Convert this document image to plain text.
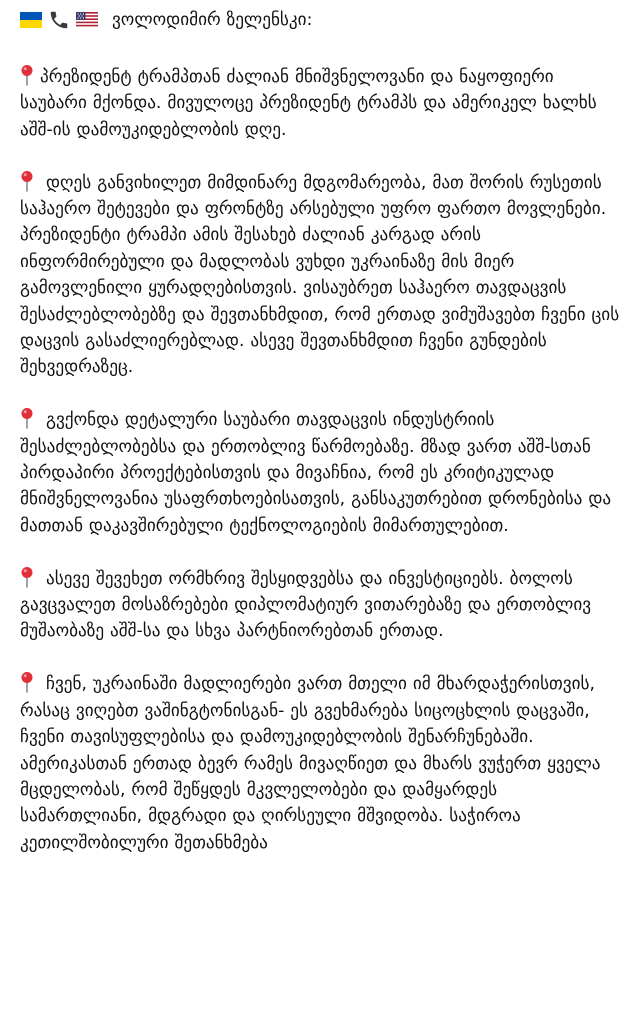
ვოლოდიმირ ზელენსკი:

პრეზიდენტ ტრამპთან ძალიან მნიშვნელოვანი და ნაყოფიერი საუბარი მქონდა. მივულოცე პრეზიდენტ ტრამპს და ამერიკელ ხალხს აშშ-ის დამოუკიდებლობის დღე.

დღეს განვიხილეთ მიმდინარე მდგომარეობა, მათ შორის რუსეთის საჰაერო შეტევები და ფრონტზე არსებული უფრო ფართო მოვლენები. პრეზიდენტი ტრამპი ამის შესახებ ძალიან კარგად არის ინფორმირებული და მადლობას ვუხდი უკრაინაზე მის მიერ გამოვლენილი ყურადღებისთვის. ვისაუბრეთ საჰაერო თავდაცვის შესაძლებლობებზე და შევთანხმდით, რომ ერთად ვიმუშავებთ ჩვენი ცის დაცვის გასაძლიერებლად. ასევე შევთანხმდით ჩვენი გუნდების შეხვედრაზეც.

გვქონდა დეტალური საუბარი თავდაცვის ინდუსტრიის შესაძლებლობებსა და ერთობლივ წარმოებაზე. მზად ვართ აშშ-სთან პირდაპირი პროექტებისთვის და მივაჩნია, რომ ეს კრიტიკულად მნიშვნელოვანია უსაფრთხოებისათვის, განსაკუთრებით დრონებისა და მათთან დაკავშირებული ტექნოლოგიების მიმართულებით.

ასევე შევეხეთ ორმხრივ შესყიდვებსა და ინვესტიციებს. ბოლოს გავცვალეთ მოსაზრებები დიპლომატიურ ვითარებაზე და ერთობლივ მუშაობაზე აშშ-სა და სხვა პარტნიორებთან ერთად.

ჩვენ, უკრაინაში მადლიერები ვართ მთელი იმ მხარდაჭერისთვის, რასაც ვიღებთ ვაშინგტონისგან- ეს გვეხმარება სიცოცხლის დაცვაში, ჩვენი თავისუფლებისა და დამოუკიდებლობის შენარჩუნებაში. ამერიკასთან ერთად ბევრ რამეს მივაღწიეთ და მხარს ვუჭერთ ყველა მცდელობას, რომ შეწყდეს მკვლელობები და დამყარდეს სამართლიანი, მდგრადი და ღირსეული მშვიდობა. საჭიროა კეთილშობილური შეთანხმება
